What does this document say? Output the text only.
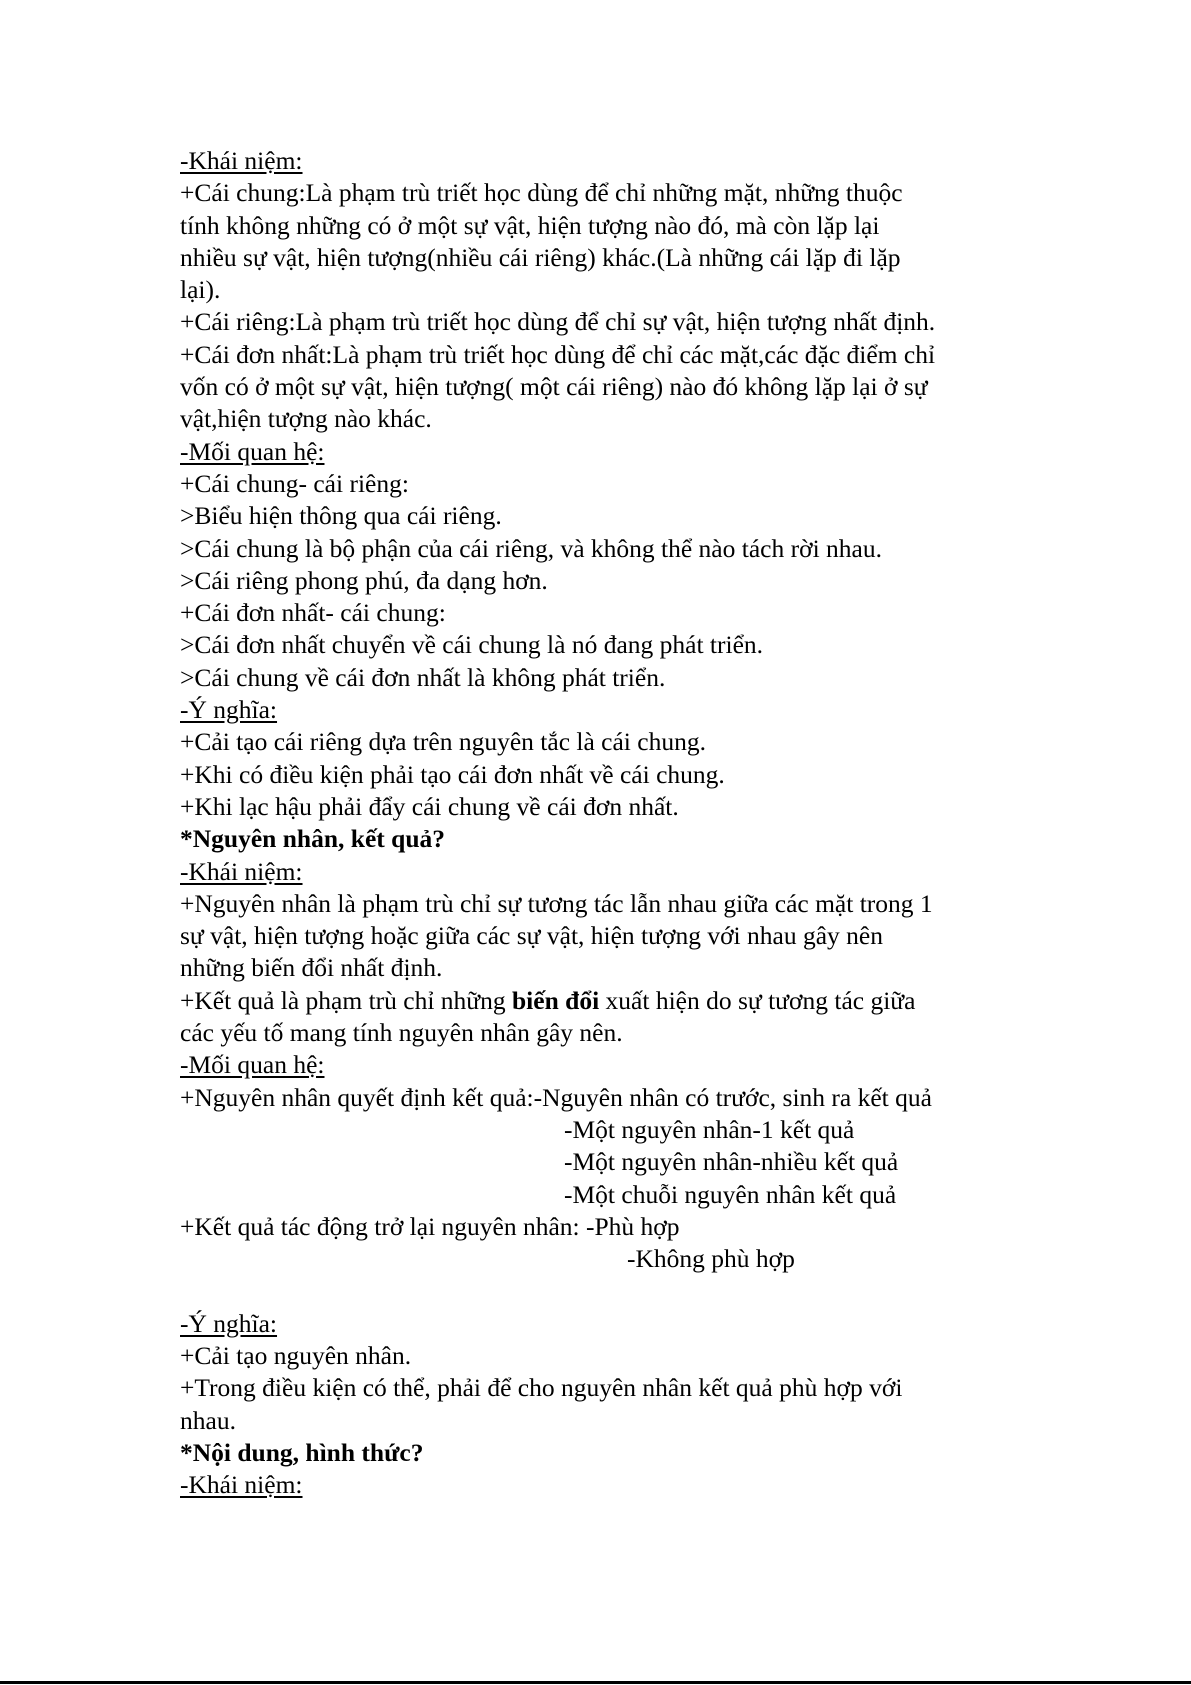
-Khái niệm:
+Cái chung:Là phạm trù triết học dùng để chỉ những mặt, những thuộc
tính không những có ở một sự vật, hiện tượng nào đó, mà còn lặp lại
nhiều sự vật, hiện tượng(nhiều cái riêng) khác.(Là những cái lặp đi lặp
lại).
+Cái riêng:Là phạm trù triết học dùng để chỉ sự vật, hiện tượng nhất định.
+Cái đơn nhất:Là phạm trù triết học dùng để chỉ các mặt,các đặc điểm chỉ
vốn có ở một sự vật, hiện tượng( một cái riêng) nào đó không lặp lại ở sự
vật,hiện tượng nào khác.
-Mối quan hệ:
+Cái chung- cái riêng:
>Biểu hiện thông qua cái riêng.
>Cái chung là bộ phận của cái riêng, và không thể nào tách rời nhau.
>Cái riêng phong phú, đa dạng hơn.
+Cái đơn nhất- cái chung:
>Cái đơn nhất chuyển về cái chung là nó đang phát triển.
>Cái chung về cái đơn nhất là không phát triển.
-Ý nghĩa:
+Cải tạo cái riêng dựa trên nguyên tắc là cái chung.
+Khi có điều kiện phải tạo cái đơn nhất về cái chung.
+Khi lạc hậu phải đẩy cái chung về cái đơn nhất.
*Nguyên nhân, kết quả?
-Khái niệm:
+Nguyên nhân là phạm trù chỉ sự tương tác lẫn nhau giữa các mặt trong 1
sự vật, hiện tượng hoặc giữa các sự vật, hiện tượng với nhau gây nên
những biến đổi nhất định.
+Kết quả là phạm trù chỉ những biến đổi xuất hiện do sự tương tác giữa
các yếu tố mang tính nguyên nhân gây nên.
-Mối quan hệ:
+Nguyên nhân quyết định kết quả:-Nguyên nhân có trước, sinh ra kết quả
-Một nguyên nhân-1 kết quả
-Một nguyên nhân-nhiều kết quả
-Một chuỗi nguyên nhân kết quả
+Kết quả tác động trở lại nguyên nhân: -Phù hợp
-Không phù hợp
-Ý nghĩa:
+Cải tạo nguyên nhân.
+Trong điều kiện có thể, phải để cho nguyên nhân kết quả phù hợp với
nhau.
*Nội dung, hình thức?
-Khái niệm:
